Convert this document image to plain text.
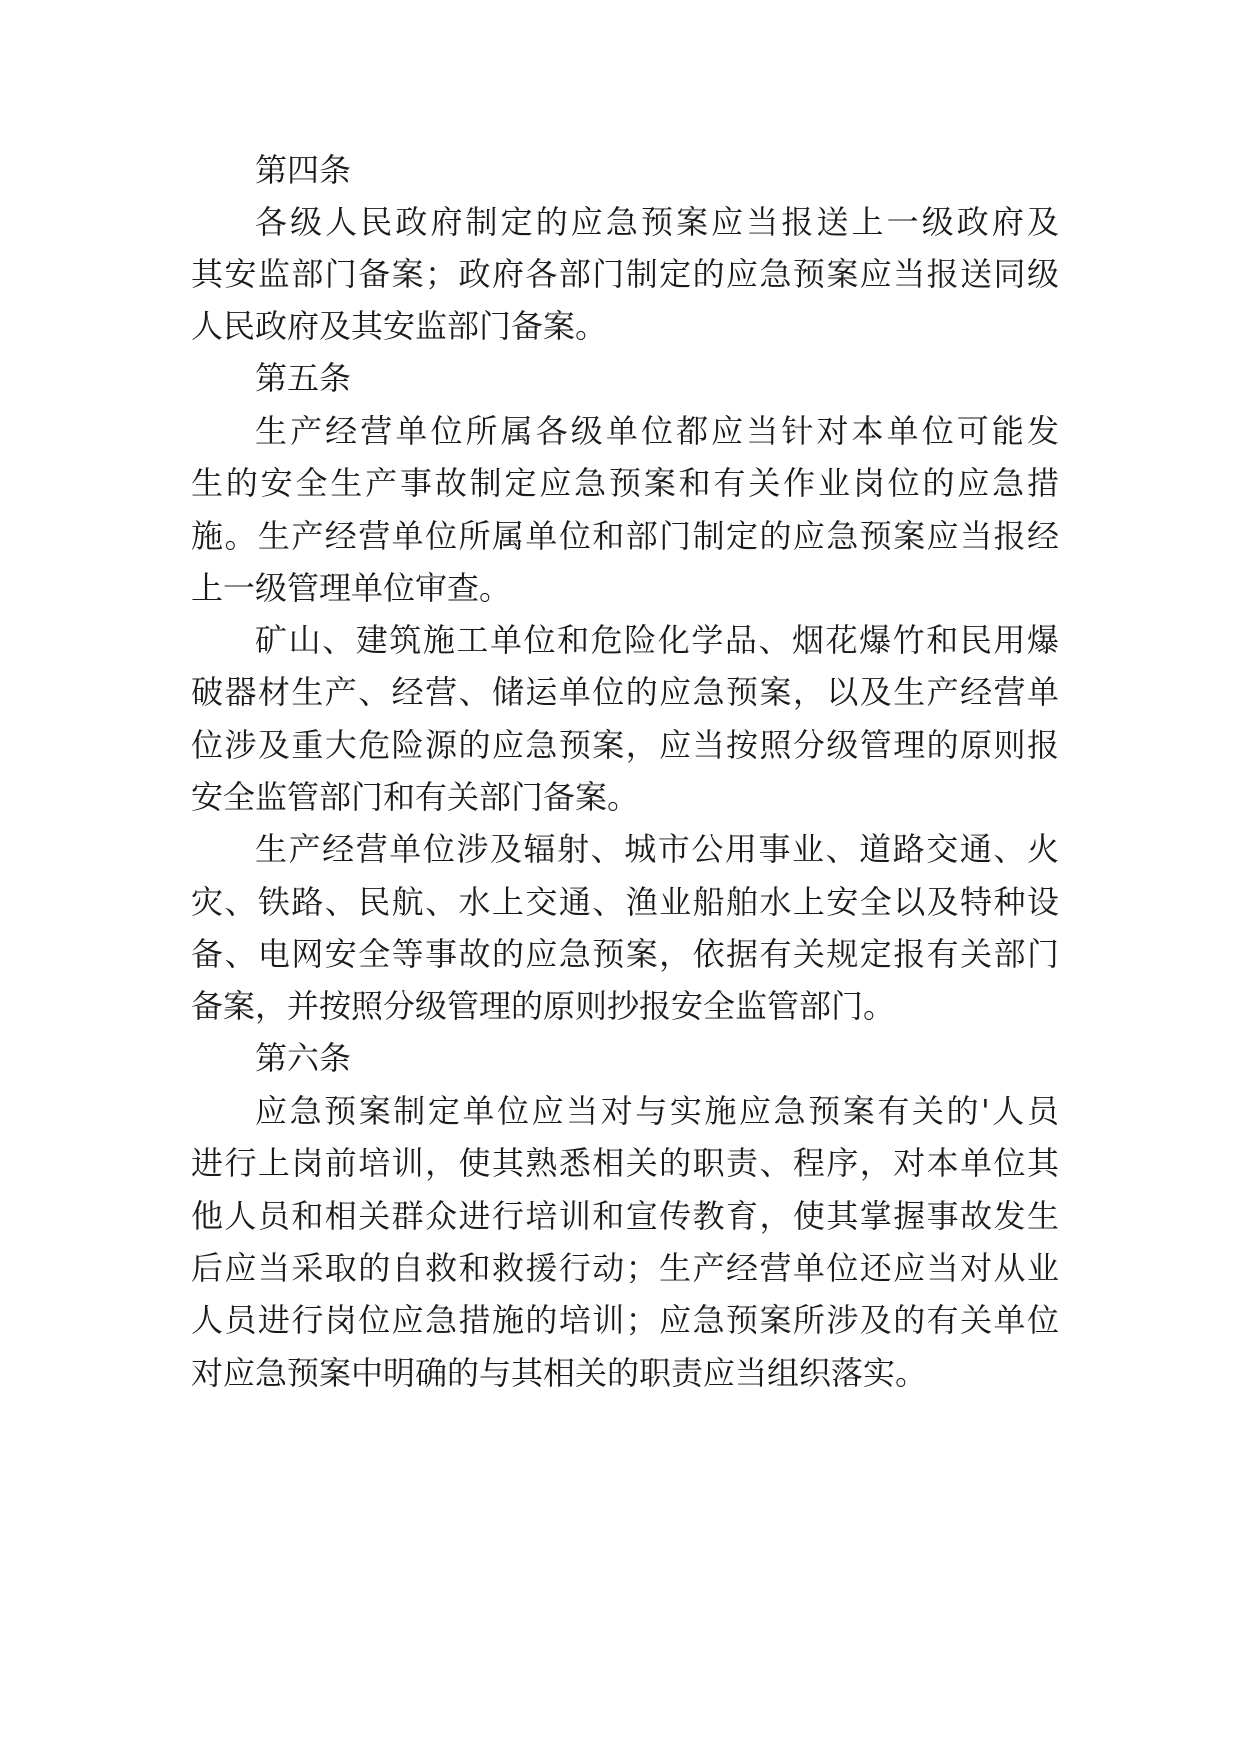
第四条
各级人民政府制定的应急预案应当报送上一级政府及
其安监部门备案；政府各部门制定的应急预案应当报送同级
人民政府及其安监部门备案。
第五条
生产经营单位所属各级单位都应当针对本单位可能发
生的安全生产事故制定应急预案和有关作业岗位的应急措
施。生产经营单位所属单位和部门制定的应急预案应当报经
上一级管理单位审查。
矿山、建筑施工单位和危险化学品、烟花爆竹和民用爆
破器材生产、经营、储运单位的应急预案，以及生产经营单
位涉及重大危险源的应急预案，应当按照分级管理的原则报
安全监管部门和有关部门备案。
生产经营单位涉及辐射、城市公用事业、道路交通、火
灾、铁路、民航、水上交通、渔业船舶水上安全以及特种设
备、电网安全等事故的应急预案，依据有关规定报有关部门
备案，并按照分级管理的原则抄报安全监管部门。
第六条
应急预案制定单位应当对与实施应急预案有关的'人员
进行上岗前培训，使其熟悉相关的职责、程序，对本单位其
他人员和相关群众进行培训和宣传教育，使其掌握事故发生
后应当采取的自救和救援行动；生产经营单位还应当对从业
人员进行岗位应急措施的培训；应急预案所涉及的有关单位
对应急预案中明确的与其相关的职责应当组织落实。
